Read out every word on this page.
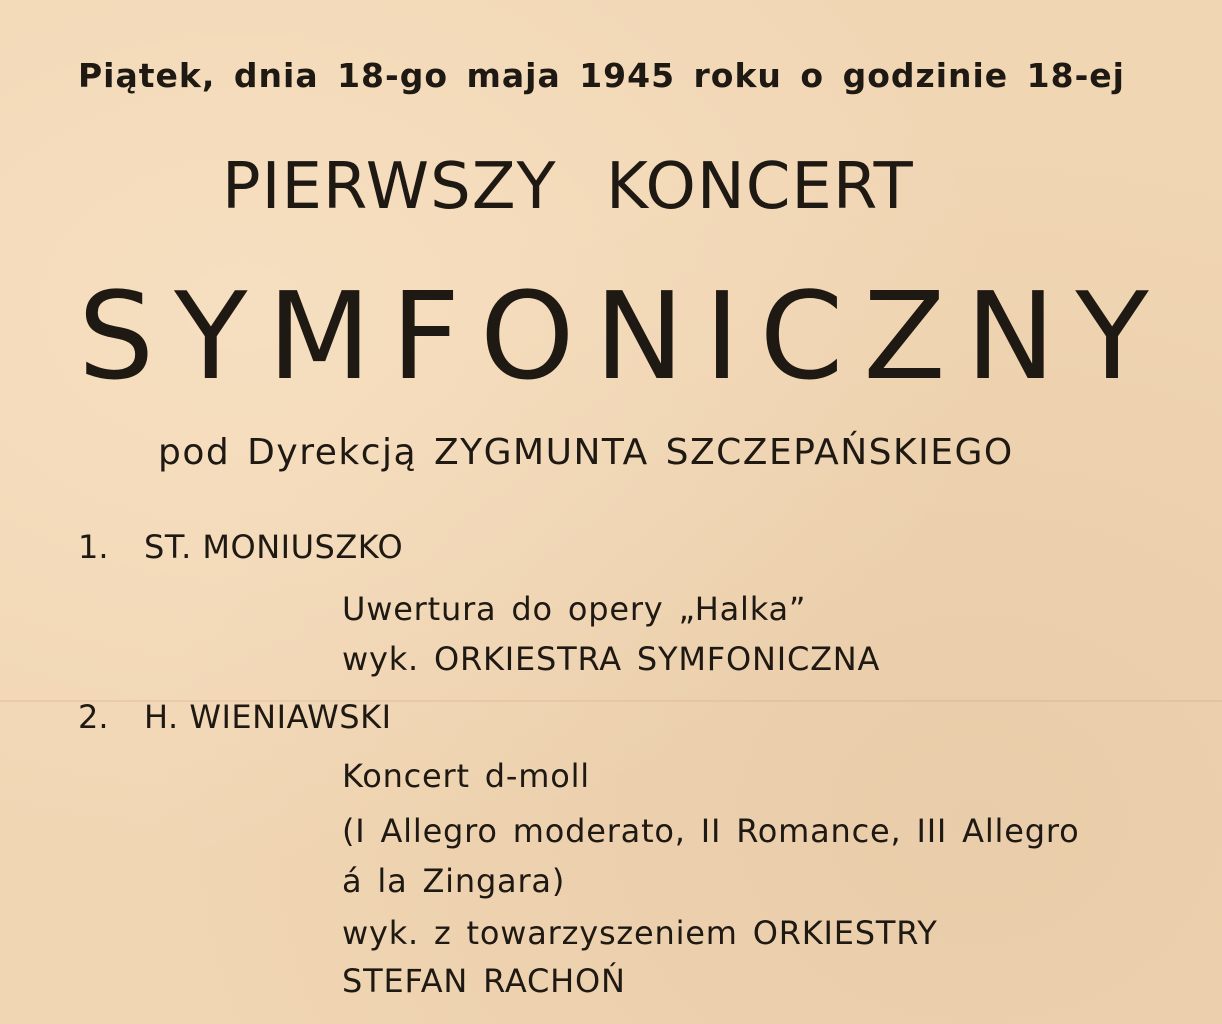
Piątek, dnia 18-go maja 1945 roku o godzinie 18-ej
PIERWSZY KONCERT
SYMFONICZNY
pod Dyrekcją ZYGMUNTA SZCZEPAŃSKIEGO
1. ST. MONIUSZKO
Uwertura do opery „Halka”
wyk. ORKIESTRA SYMFONICZNA
2. H. WIENIAWSKI
Koncert d-moll
(I Allegro moderato, II Romance, III Allegro
á la Zingara)
wyk. z towarzyszeniem ORKIESTRY
STEFAN RACHOŃ
